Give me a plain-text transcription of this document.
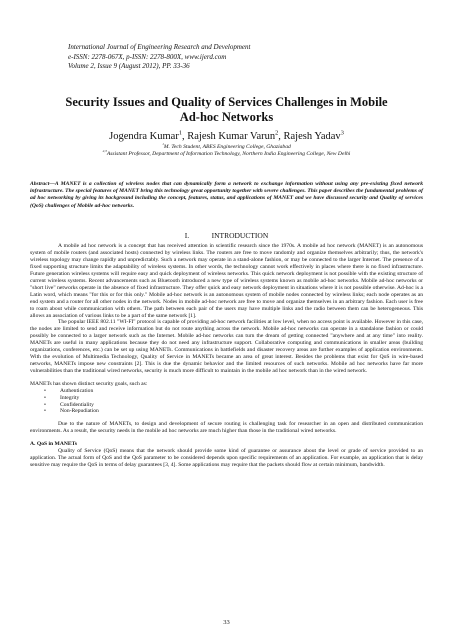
International Journal of Engineering Research and Development
e-ISSN: 2278-067X, p-ISSN: 2278-800X, www.ijerd.com
Volume 2, Issue 9 (August 2012), PP. 33-36
Security Issues and Quality of Services Challenges in Mobile Ad-hoc Networks
Jogendra Kumar$^1$, Rajesh Kumar Varun$^2$, Rajesh Yadav$^3$
$^1$M. Tech Student, ABES Engineering College, Ghaziabad
$^{2,3}$Assistant Professor, Department of Information Technology, Northern India Engineering College, New Delhi
Abstract—A MANET is a collection of wireless nodes that can dynamically form a network to exchange information without using any pre-existing fixed network infrastructure. The special features of MANET bring this technology great opportunity together with severe challenges. This paper describes the fundamental problems of ad hoc networking by giving its background including the concept, features, status, and applications of MANET and we have discussed security and Quality of services (QoS) challenges of Mobile ad-hoc networks.
I.            INTRODUCTION

A mobile ad hoc network is a concept that has received attention in scientific research since the 1970s. A mobile ad hoc network (MANET) is an autonomous system of mobile routers (and associated hosts) connected by wireless links. The routers are free to move randomly and organize themselves arbitrarily; thus, the network's wireless topology may change rapidly and unpredictably. Such a network may operate in a stand-alone fashion, or may be connected to the larger Internet. The presence of a fixed supporting structure limits the adaptability of wireless systems. In other words, the technology cannot work effectively in places where there is no fixed infrastructure. Future generation wireless systems will require easy and quick deployment of wireless networks. This quick network deployment is not possible with the existing structure of current wireless systems. Recent advancements such as Bluetooth introduced a new type of wireless systems known as mobile ad-hoc networks. Mobile ad-hoc networks or "short live" networks operate in the absence of fixed infrastructure. They offer quick and easy network deployment in situations where it is not possible otherwise. Ad-hoc is a Latin word, which means "for this or for this only." Mobile ad-hoc network is an autonomous system of mobile nodes connected by wireless links; each node operates as an end system and a router for all other nodes in the network. Nodes in mobile ad-hoc network are free to move and organize themselves in an arbitrary fashion. Each user is free to roam about while communication with others. The path between each pair of the users may have multiple links and the radio between them can be heterogeneous. This allows an association of various links to be a part of the same network [1].

The popular IEEE 802.11 "WI-FI" protocol is capable of providing ad-hoc network facilities at low level, when no access point is available. However in this case, the nodes are limited to send and receive information but do not route anything across the network. Mobile ad-hoc networks can operate in a standalone fashion or could possibly be connected to a larger network such as the Internet. Mobile ad-hoc networks can turn the dream of getting connected "anywhere and at any time" into reality. MANETs are useful in many applications because they do not need any infrastructure support. Collaborative computing and communications in smaller areas (building organizations, conferences, etc.) can be set up using MANETs. Communications in battlefields and disaster recovery areas are further examples of application environments. With the evolution of Multimedia Technology, Quality of Service in MANETs became an area of great interest. Besides the problems that exist for QoS in wire-based networks, MANETs impose new constraints [2]. This is due the dynamic behavior and the limited resources of such networks. Mobile ad hoc networks have far more vulnerabilities than the traditional wired networks, security is much more difficult to maintain in the mobile ad hoc network than in the wired network.

MANETs has shown distinct security goals, such as:

•	Authentication
•	Integrity
•	Confidentiality
•	Non-Repudiation

Due to the nature of MANETs, to design and development of secure routing is challenging task for researcher in an open and distributed communication environments. As a result, the security needs in the mobile ad hoc networks are much higher than those in the traditional wired networks.

A. QoS in MANETs

Quality of Service (QoS) means that the network should provide some kind of guarantee or assurance about the level or grade of service provided to an application. The actual form of QoS and the QoS parameter to be considered depends upon specific requirements of an application. For example, an application that is delay sensitive may require the QoS in terms of delay guarantees [3, 4]. Some applications may require that the packets should flow at certain minimum, bandwidth.

33
